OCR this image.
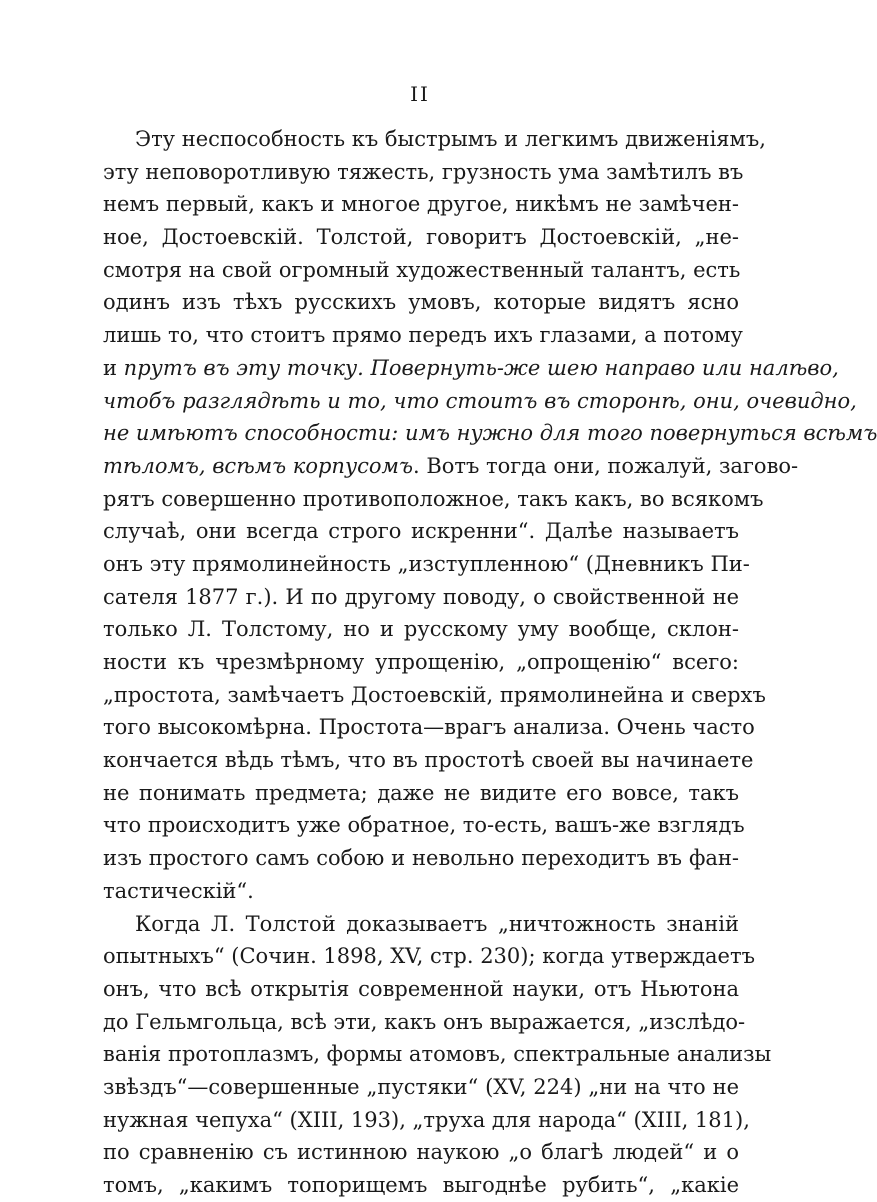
II
Эту неспособность къ быстрымъ и легкимъ движеніямъ,
эту неповоротливую тяжесть, грузность ума замѣтилъ въ
немъ первый, какъ и многое другое, никѣмъ не замѣчен-
ное, Достоевскій. Толстой, говоритъ Достоевскій, „не-
смотря на свой огромный художественный талантъ, есть
одинъ изъ тѣхъ русскихъ умовъ, которые видятъ ясно
лишь то, что стоитъ прямо передъ ихъ глазами, а потому
и прутъ въ эту точку. Повернуть-же шею направо или налѣво,
чтобъ разглядѣть и то, что стоитъ въ сторонѣ, они, очевидно,
не имѣютъ способности: имъ нужно для того повернуться всѣмъ
тѣломъ, всѣмъ корпусомъ. Вотъ тогда они, пожалуй, загово-
рятъ совершенно противоположное, такъ какъ, во всякомъ
случаѣ, они всегда строго искренни“. Далѣе называетъ
онъ эту прямолинейность „изступленною“ (Дневникъ Пи-
сателя 1877 г.). И по другому поводу, о свойственной не
только Л. Толстому, но и русскому уму вообще, склон-
ности къ чрезмѣрному упрощенію, „опрощенію“ всего:
„простота, замѣчаетъ Достоевскій, прямолинейна и сверхъ
того высокомѣрна. Простота—врагъ анализа. Очень часто
кончается вѣдь тѣмъ, что въ простотѣ своей вы начинаете
не понимать предмета; даже не видите его вовсе, такъ
что происходитъ уже обратное, то-есть, вашъ-же взглядъ
изъ простого самъ собою и невольно переходитъ въ фан-
тастическій“.
Когда Л. Толстой доказываетъ „ничтожность знаній
опытныхъ“ (Сочин. 1898, XV, стр. 230); когда утверждаетъ
онъ, что всѣ открытія современной науки, отъ Ньютона
до Гельмгольца, всѣ эти, какъ онъ выражается, „изслѣдо-
ванія протоплазмъ, формы атомовъ, спектральные анализы
звѣздъ“—совершенные „пустяки“ (XV, 224) „ни на что не
нужная чепуха“ (XIII, 193), „труха для народа“ (XIII, 181),
по сравненію съ истинною наукою „о благѣ людей“ и о
томъ, „какимъ топорищемъ выгоднѣе рубить“, „какіе
